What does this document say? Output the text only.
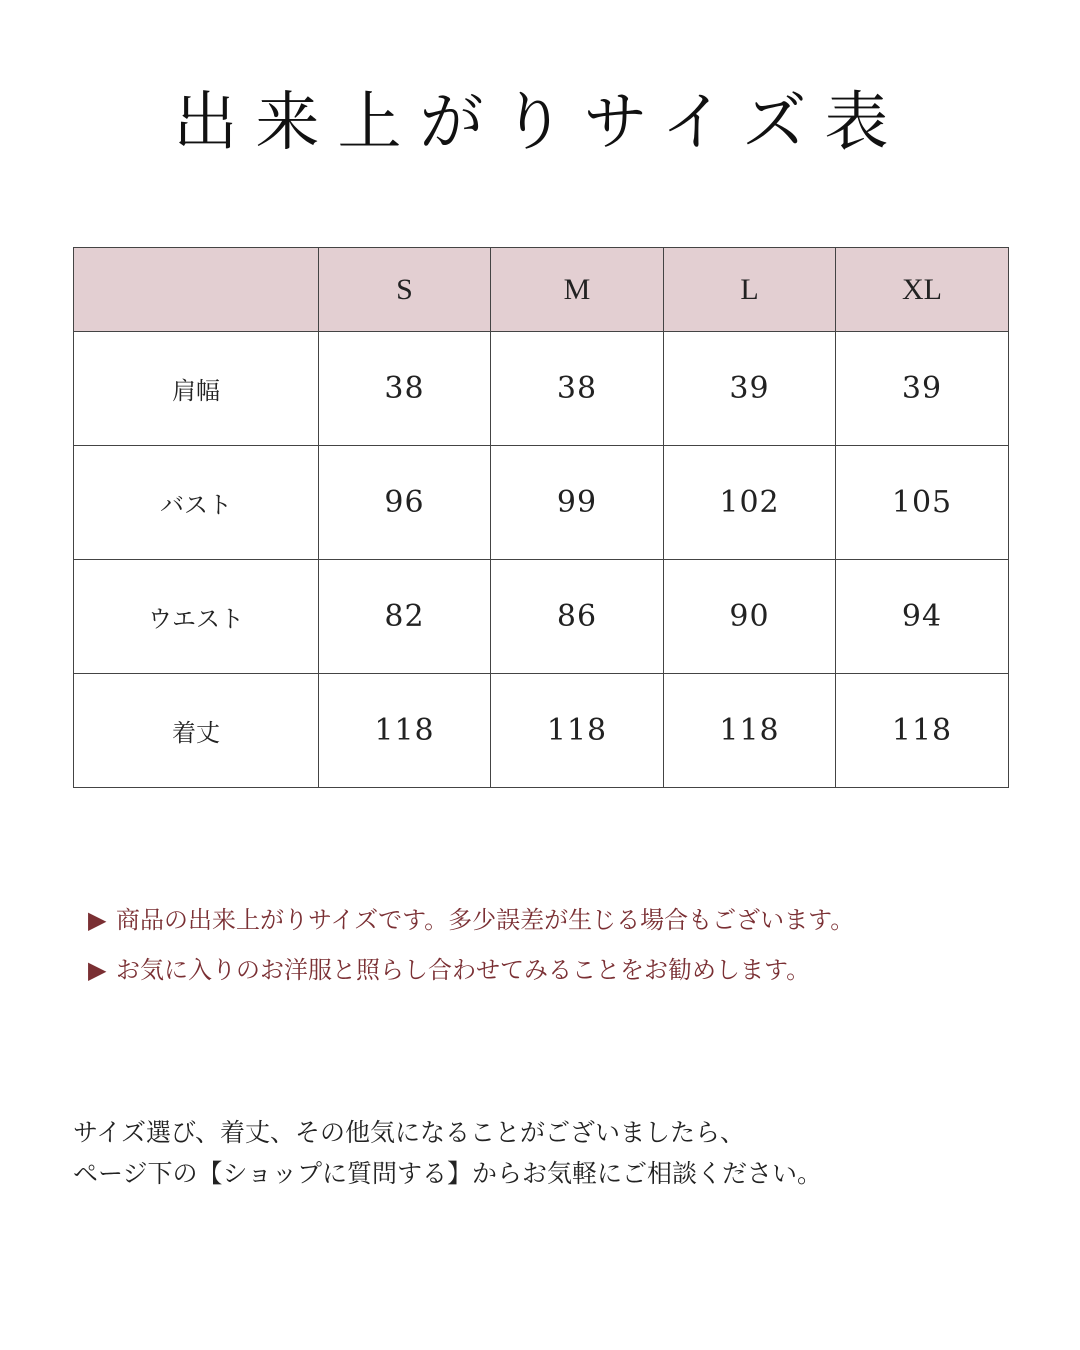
出来上がりサイズ表
	S	M	L	XL
肩幅	38	38	39	39
バスト	96	99	102	105
ウエスト	82	86	90	94
着丈	118	118	118	118
▶ 商品の出来上がりサイズです。多少誤差が生じる場合もございます。
▶ お気に入りのお洋服と照らし合わせてみることをお勧めします。
サイズ選び、着丈、その他気になることがございましたら、
ページ下の【ショップに質問する】からお気軽にご相談ください。
